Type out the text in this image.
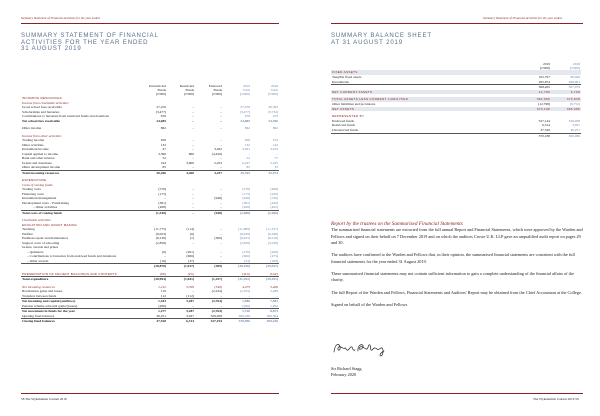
Summary Statement of Financial Activities for the year ended
SUMMARY STATEMENT OF FINANCIAL
ACTIVITIES FOR THE YEAR ENDED
31 AUGUST 2019
	Unrestricted	Restricted	Endowed	2019	2018
	Funds	Funds	Funds	Total	Total
	(£'000)	(£'000)	(£'000)	(£'000)	(£'000)
INCOMING RESOURCES					
Income from charitable activities					
Gross school fees receivable	27,476	–	–	27,476	26,593
Scholarships and bursaries	(3,477)	–	–	(3,477)	(3,732)
Contributions to bursaries from restricted funds and donations	676	–	–	676	475
Net school fees receivable	24,685	–	–	24,685	23,396

Other income	862	–	–	862	862

Income from other activities					
Trading income	656	–	–	656	574
Other activities	132	–	–	132	142
Investment income	47	–	3,262	3,291	3,254
Capital applied to income	3,390	860	(4,450)	–	–
Bank and other interest	52	–	–	52	77
Grants and donations	194	3,600	2,453	6,247	5,105
Other development income	85	–	–	85	33
Total incoming resources	30,206	4,460	3,257	35,765	32,973

EXPENDITURE					
Costs of raising funds					
Trading costs	(576)	–	–	(576)	(498)
Financing costs	(175)	–	–	(175)	(220)
Investment management	–	–	(948)	(948)	(726)
Development costs – Fundraising	(381)	–	–	(381)	(420)
– Other activities	(408)	–	–	(408)	(402)
Total costs of raising funds	(1,540)	–	(948)	(2,488)	(2,266)

Charitable activities					
EDUCATION AND GRANT MAKING					
Teaching	(11,775)	(114)	–	(11,889)	(11,337)
Welfare	(6,023)	(6)	–	(6,029)	(6,188)
Premises repair and maintenance	(8,139)	(7)	(309)	(8,455)	(8,218)
Support costs of schooling	(2,859)	–	–	(2,859)	(3,238)
Grants, awards and prizes					
– Quiristers	(9)	(261)	–	(270)	(269)
– Contributions to bursaries from endowed funds and donations	–	(606)	–	(606)	(475)
– Other awards	(16)	(37)	–	(53)	(108)
	(28,870)	(1,017)	(309)	(30,196)	(29,527)

PRESERVATION OF ANCIENT BUILDINGS AND CONTENTS	(90)	(24)	–	(114)	(142)
Total expenditure	(28,994)	(1,041)	(1,257)	(31,292)	(29,251)

Net incoming resources	1,212	3,399	(540)	4,473	3,466
Revaluation gains and losses	119	–	(2,224)	(2,105)	2,289
Transfers between funds	112	(112)	–	–	–
Net incoming and capital (outflows)	1,443	3,287	(2,764)	1,986	7,581
Pension scheme actuarial gains/(losses)	(266)	–	–	(266)	1,292
Net movement in funds for the year	1,277	3,287	(2,764)	1,720	8,873
Opening fund balances	36,251	3,027	329,958	369,236	360,364
Closing fund balances	37,528	6,314	327,194	370,956	369,236
58 The Wykehamist Journal 2019
Summary Statement of Financial Activities for the year ended
SUMMARY BALANCE SHEET
AT 31 AUGUST 2019
	2019	2018
	(£'000)	(£'000)
FIXED ASSETS		
Tangible fixed assets	102,797	98,469
Investments	265,874	268,961
	368,265	367,079
NET CURRENT ASSETS	14,780	6,769

TOTAL ASSETS LESS CURRENT LIABILITIES	382,986	373,838
Other liabilities and provisions	(12,798)	(8,752)
NET ASSETS	370,188	365,086

REPRESENTED BY		
Endowed funds	327,144	329,958
Restricted funds	6,314	3,027
Unrestricted funds	37,528	36,251
	370,188	369,086
Report by the trustees on the Summarised Financial Statements

The summarised financial statements are extracted from the full annual Report and Financial Statements, which were approved by the Warden and Fellows and signed on their behalf on 7 December 2019 and on which the auditors Crowe U.K. LLP gave an unqualified audit report on pages 29 and 30.

The auditors have confirmed to the Warden and Fellows that, in their opinion, the summarised financial statements are consistent with the full financial statements for the year ended 31 August 2019.

These summarised financial statements may not contain sufficient information to gain a complete understanding of the financial affairs of the charity.

The full Report of the Warden and Fellows, Financial Statements and Auditors' Report may be obtained from the Chief Accountant at the College.

Signed on behalf of the Warden and Fellows

Sir Richard Stagg
February 2020
The Wykehamist Journal 2019 59
